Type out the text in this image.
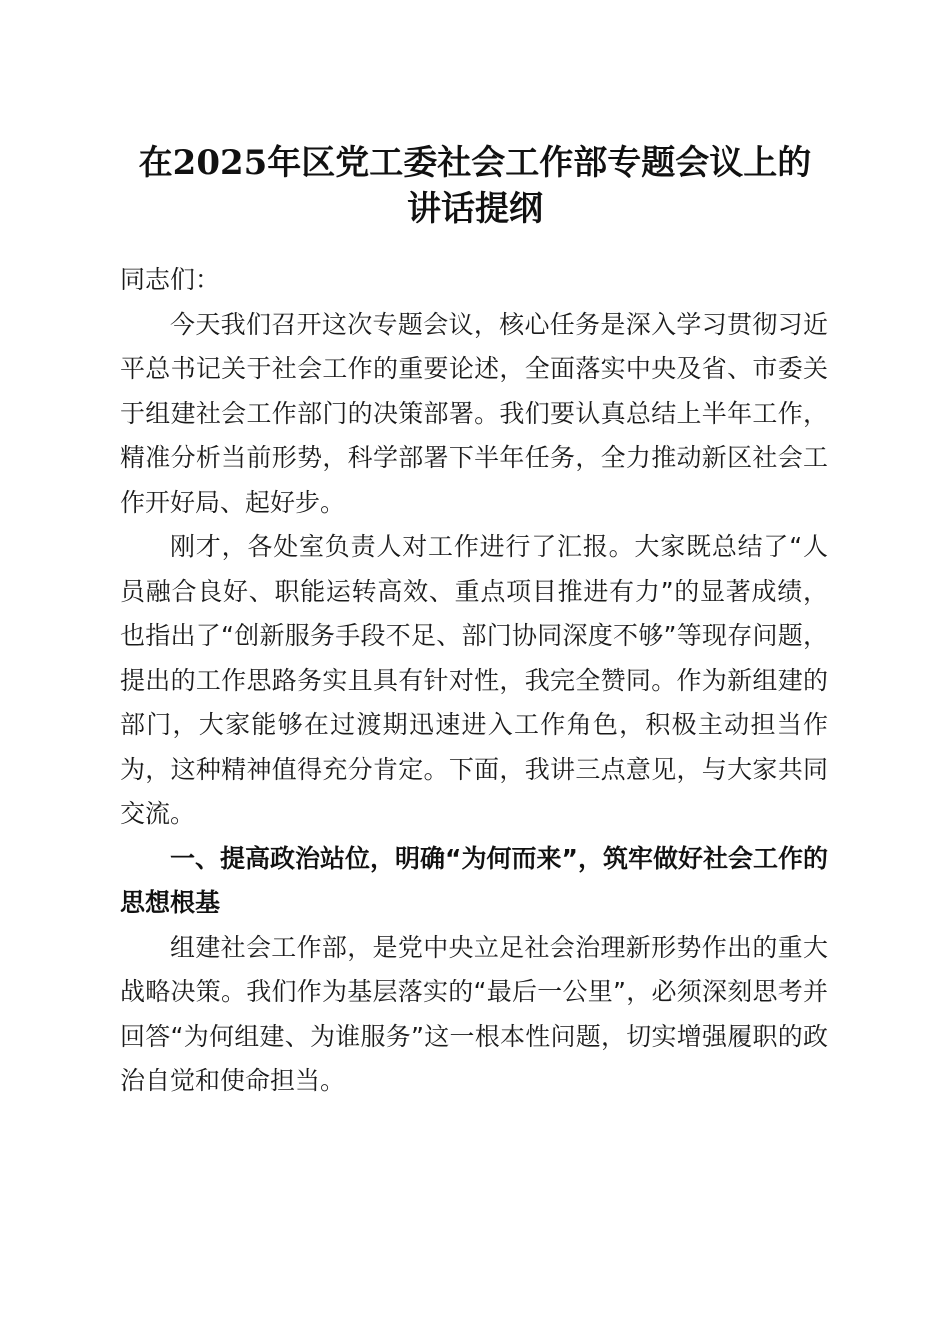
在2025年区党工委社会工作部专题会议上的
讲话提纲

同志们：

今天我们召开这次专题会议，核心任务是深入学习贯彻习近平总书记关于社会工作的重要论述，全面落实中央及省、市委关于组建社会工作部门的决策部署。我们要认真总结上半年工作，精准分析当前形势，科学部署下半年任务，全力推动新区社会工作开好局、起好步。

刚才，各处室负责人对工作进行了汇报。大家既总结了“人员融合良好、职能运转高效、重点项目推进有力”的显著成绩，也指出了“创新服务手段不足、部门协同深度不够”等现存问题，提出的工作思路务实且具有针对性，我完全赞同。作为新组建的部门，大家能够在过渡期迅速进入工作角色，积极主动担当作为，这种精神值得充分肯定。下面，我讲三点意见，与大家共同交流。

一、提高政治站位，明确“为何而来”，筑牢做好社会工作的思想根基

组建社会工作部，是党中央立足社会治理新形势作出的重大战略决策。我们作为基层落实的“最后一公里”，必须深刻思考并回答“为何组建、为谁服务”这一根本性问题，切实增强履职的政治自觉和使命担当。
